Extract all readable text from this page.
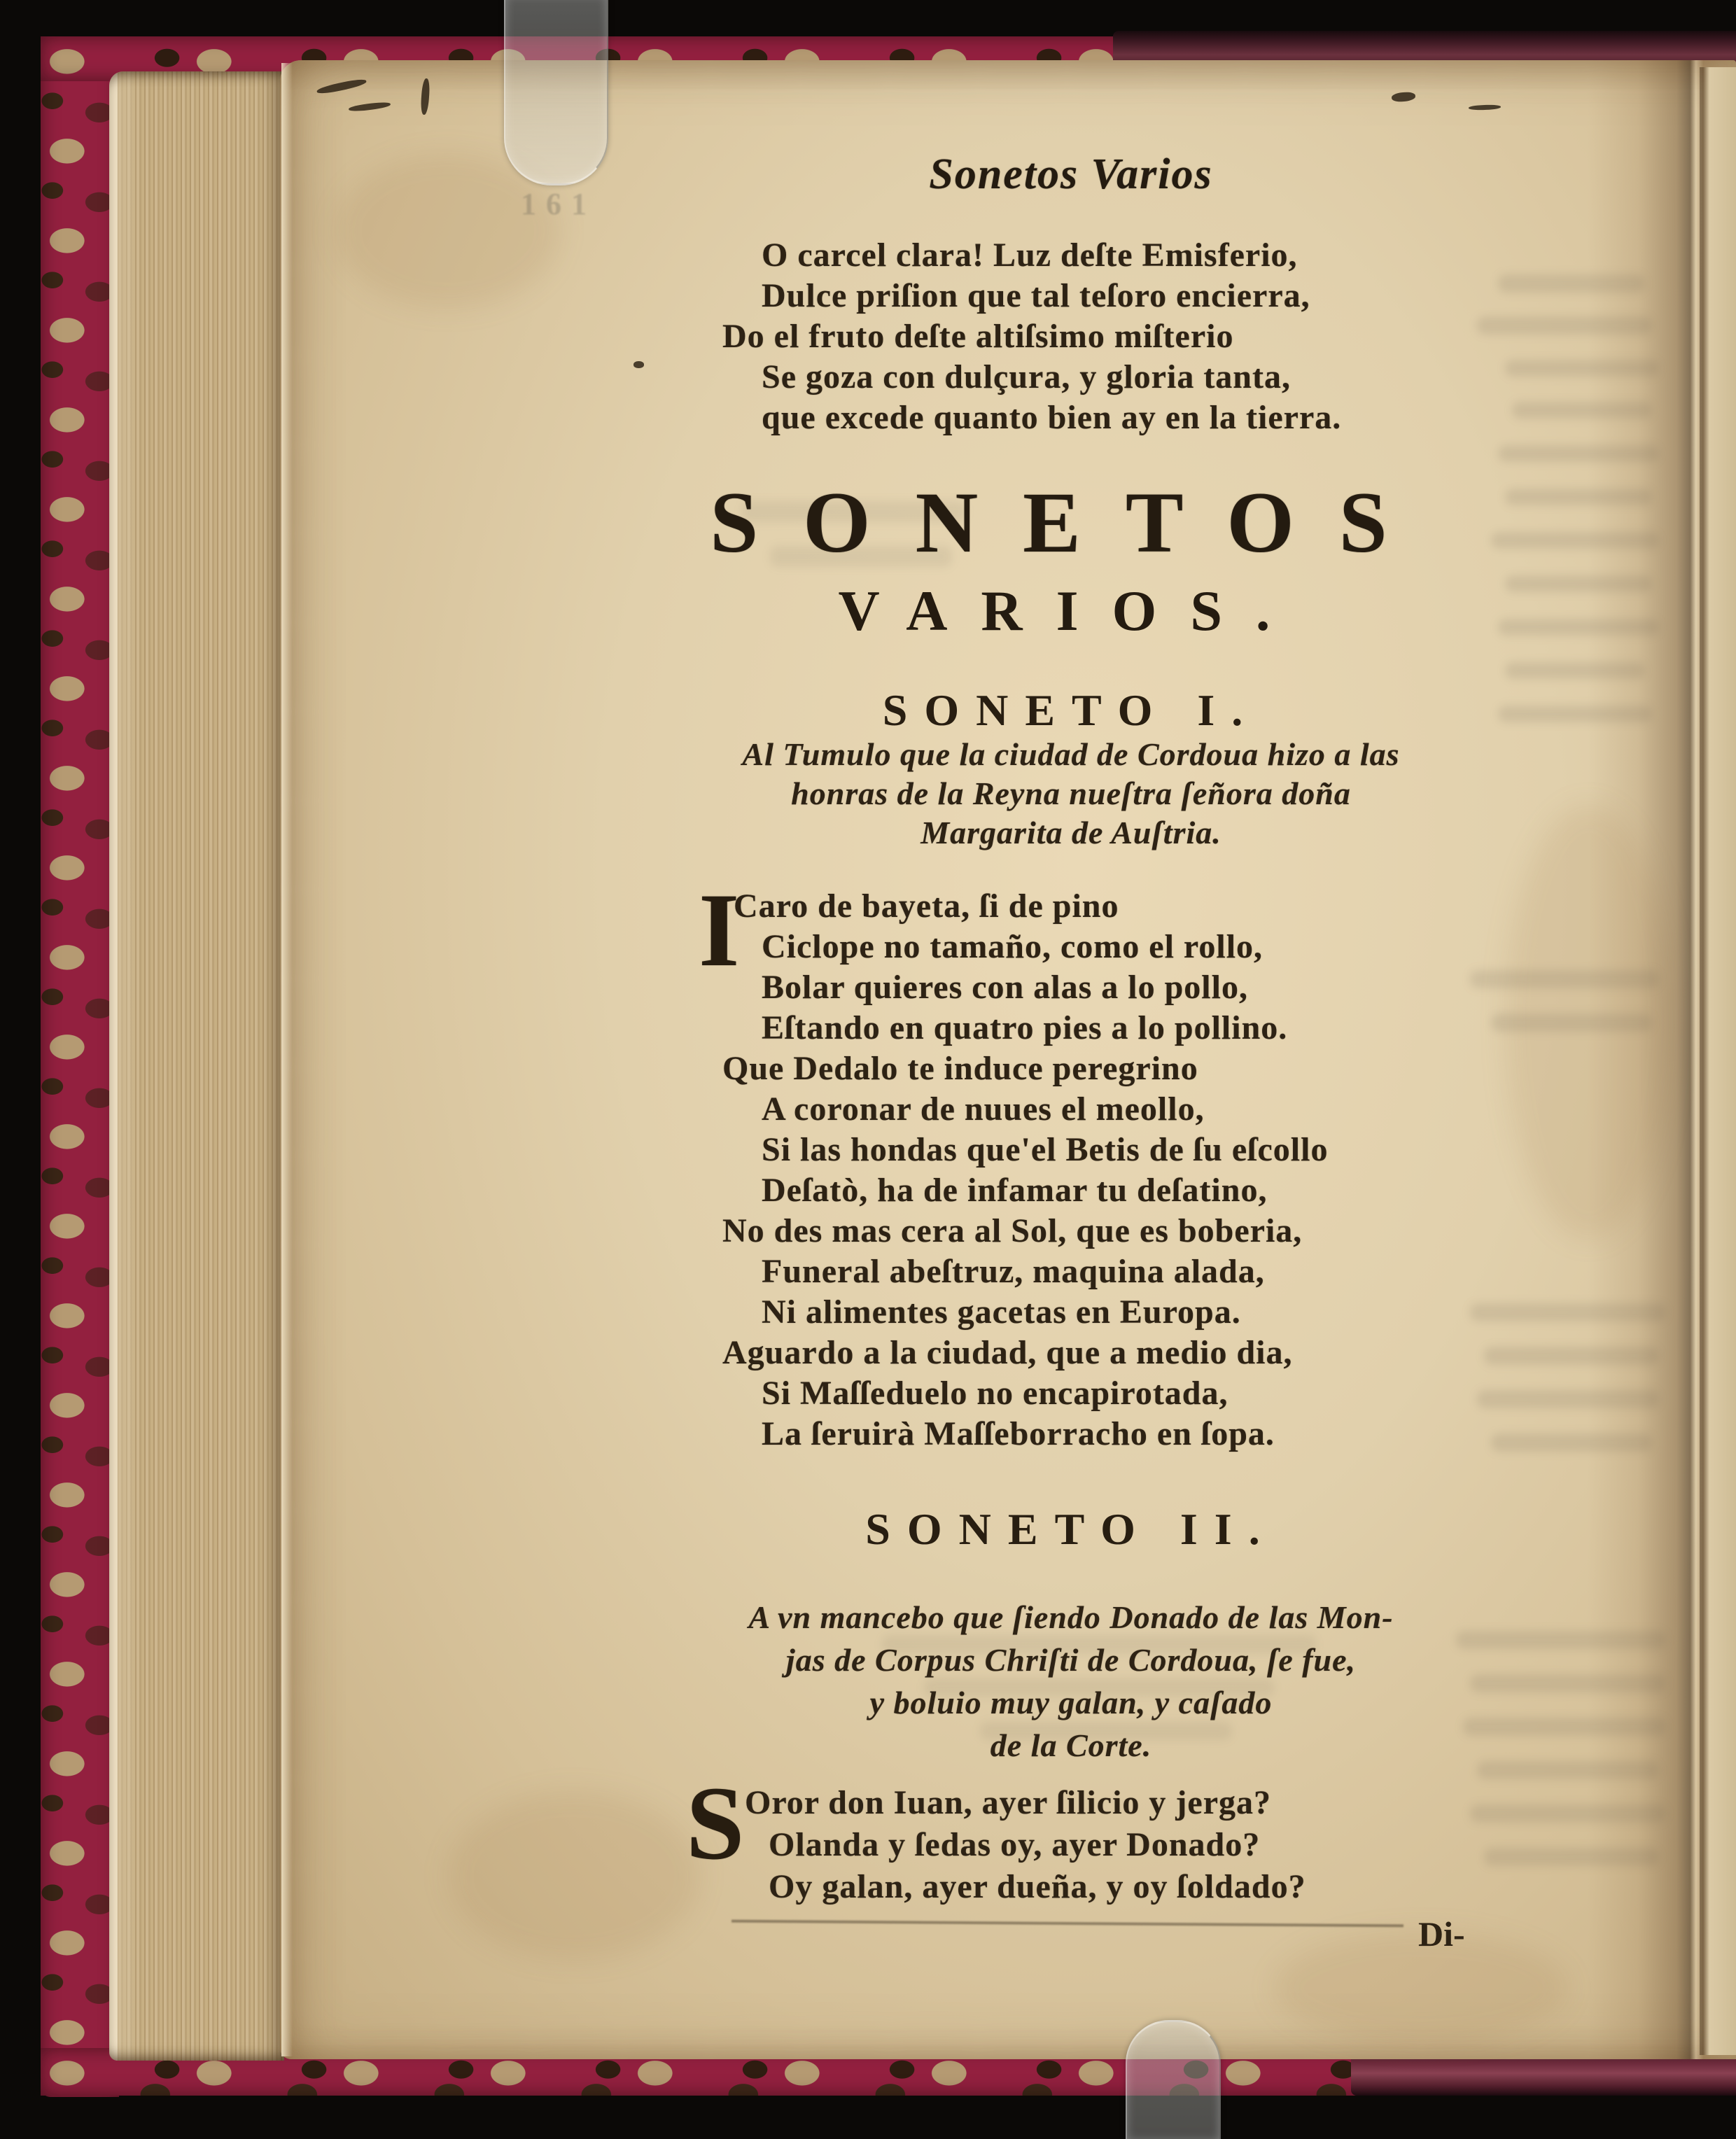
161
Sonetos Varios
O carcel clara! Luz deſte Emisferio,
Dulce priſion que tal teſoro encierra,
Do el fruto deſte altiſsimo miſterio
Se goza con dulçura, y gloria tanta,
que excede quanto bien ay en la tierra.
SONETOS
VARIOS.
SONETO I.
Al Tumulo que la ciudad de Cordoua hizo a las
honras de la Reyna nueſtra ſeñora doña
Margarita de Auſtria.
I
Caro de bayeta, ſi de pino
Ciclope no tamaño, como el rollo,
Bolar quieres con alas a lo pollo,
Eſtando en quatro pies a lo pollino.
Que Dedalo te induce peregrino
A coronar de nuues el meollo,
Si las hondas que'el Betis de ſu eſcollo
Deſatò, ha de infamar tu deſatino,
No des mas cera al Sol, que es boberia,
Funeral abeſtruz, maquina alada,
Ni alimentes gacetas en Europa.
Aguardo a la ciudad, que a medio dia,
Si Maſſeduelo no encapirotada,
La ſeruirà Maſſeborracho en ſopa.
SONETO II.
A vn mancebo que ſiendo Donado de las Mon-
jas de Corpus Chriſti de Cordoua, ſe fue,
y boluio muy galan, y caſado
de la Corte.
S Oror don Iuan, ayer ſilicio y jerga?
Olanda y ſedas oy, ayer Donado?
Oy galan, ayer dueña, y oy ſoldado?
Di-
